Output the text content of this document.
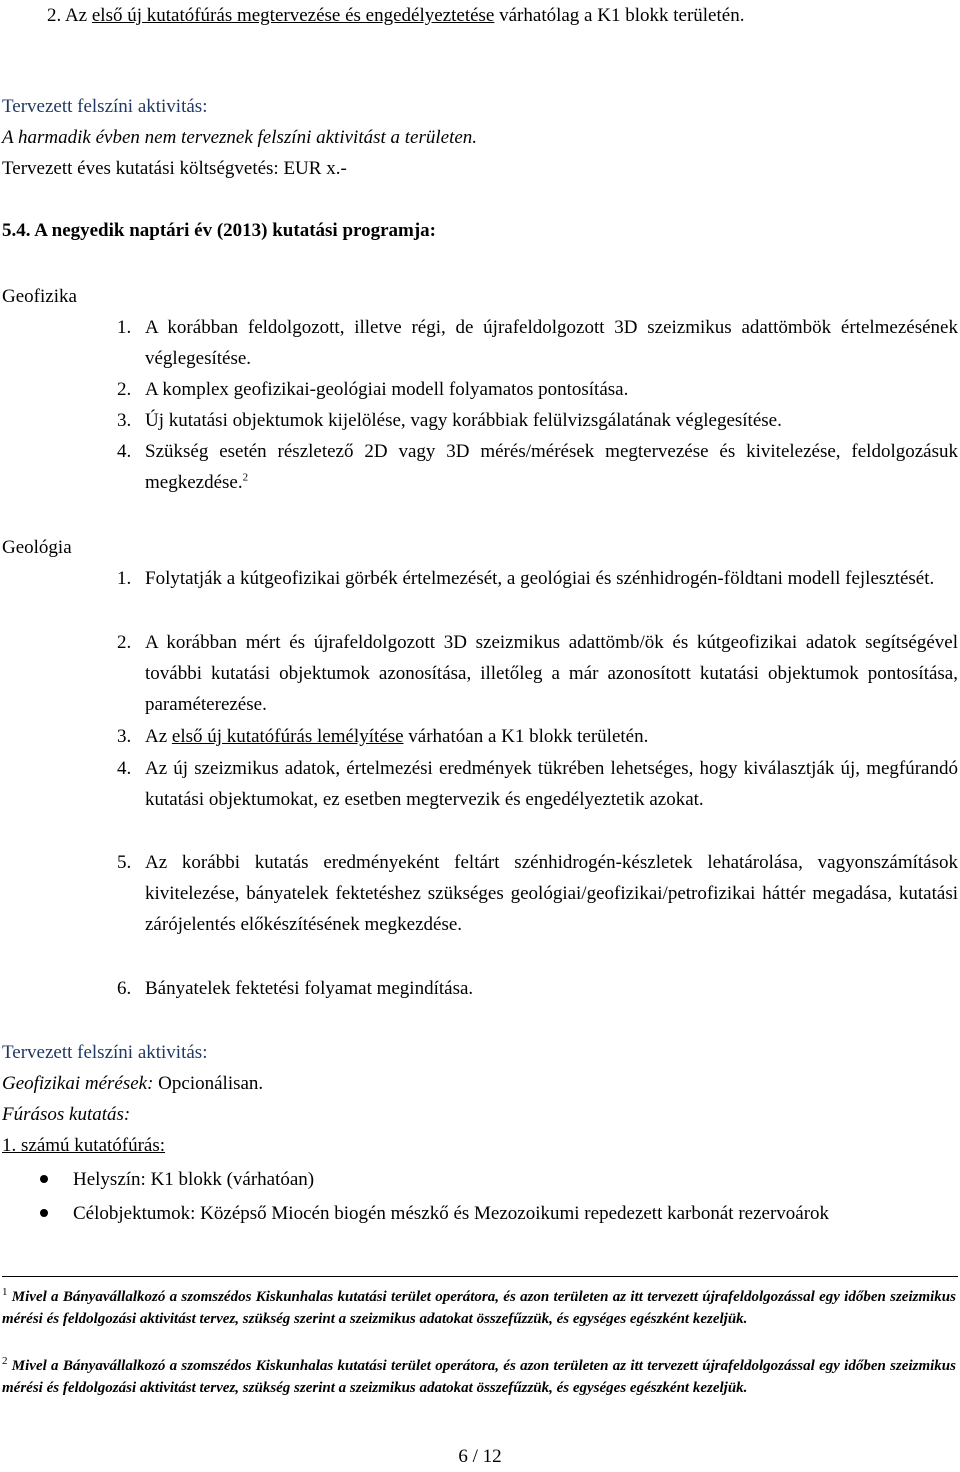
2. Az első új kutatófúrás megtervezése és engedélyeztetése várhatólag a K1 blokk területén.
Tervezett felszíni aktivitás:
A harmadik évben nem terveznek felszíni aktivitást a területen.
Tervezett éves kutatási költségvetés: EUR x.-
5.4. A negyedik naptári év (2013) kutatási programja:
Geofizika
1. A korábban feldolgozott, illetve régi, de újrafeldolgozott 3D szeizmikus adattömbök értelmezésének véglegesítése.
2. A komplex geofizikai-geológiai modell folyamatos pontosítása.
3. Új kutatási objektumok kijelölése, vagy korábbiak felülvizsgálatának véglegesítése.
4. Szükség esetén részletező 2D vagy 3D mérés/mérések megtervezése és kivitelezése, feldolgozásuk megkezdése.$^2$
Geológia
1. Folytatják a kútgeofizikai görbék értelmezését, a geológiai és szénhidrogén-földtani modell fejlesztését.
2. A korábban mért és újrafeldolgozott 3D szeizmikus adattömb/ök és kútgeofizikai adatok segítségével további kutatási objektumok azonosítása, illetőleg a már azonosított kutatási objektumok pontosítása, paraméterezése.
3. Az első új kutatófúrás lemélyítése várhatóan a K1 blokk területén.
4. Az új szeizmikus adatok, értelmezési eredmények tükrében lehetséges, hogy kiválasztják új, megfúrandó kutatási objektumokat, ez esetben megtervezik és engedélyeztetik azokat.
5. Az korábbi kutatás eredményeként feltárt szénhidrogén-készletek lehatárolása, vagyonszámítások kivitelezése, bányatelek fektetéshez szükséges geológiai/geofizikai/petrofizikai háttér megadása, kutatási zárójelentés előkészítésének megkezdése.
6. Bányatelek fektetési folyamat megindítása.
Tervezett felszíni aktivitás:
Geofizikai mérések: Opcionálisan.
Fúrásos kutatás:
1. számú kutatófúrás:
Helyszín: K1 blokk (várhatóan)
Célobjektumok: Középső Miocén biogén mészkő és Mezozoikumi repedezett karbonát rezervoárok
$^1$ Mivel a Bányavállalkozó a szomszédos Kiskunhalas kutatási terület operátora, és azon területen az itt tervezett újrafeldolgozással egy időben szeizmikus mérési és feldolgozási aktivitást tervez, szükség szerint a szeizmikus adatokat összefűzzük, és egységes egészként kezeljük.
$^2$ Mivel a Bányavállalkozó a szomszédos Kiskunhalas kutatási terület operátora, és azon területen az itt tervezett újrafeldolgozással egy időben szeizmikus mérési és feldolgozási aktivitást tervez, szükség szerint a szeizmikus adatokat összefűzzük, és egységes egészként kezeljük.
6 / 12
